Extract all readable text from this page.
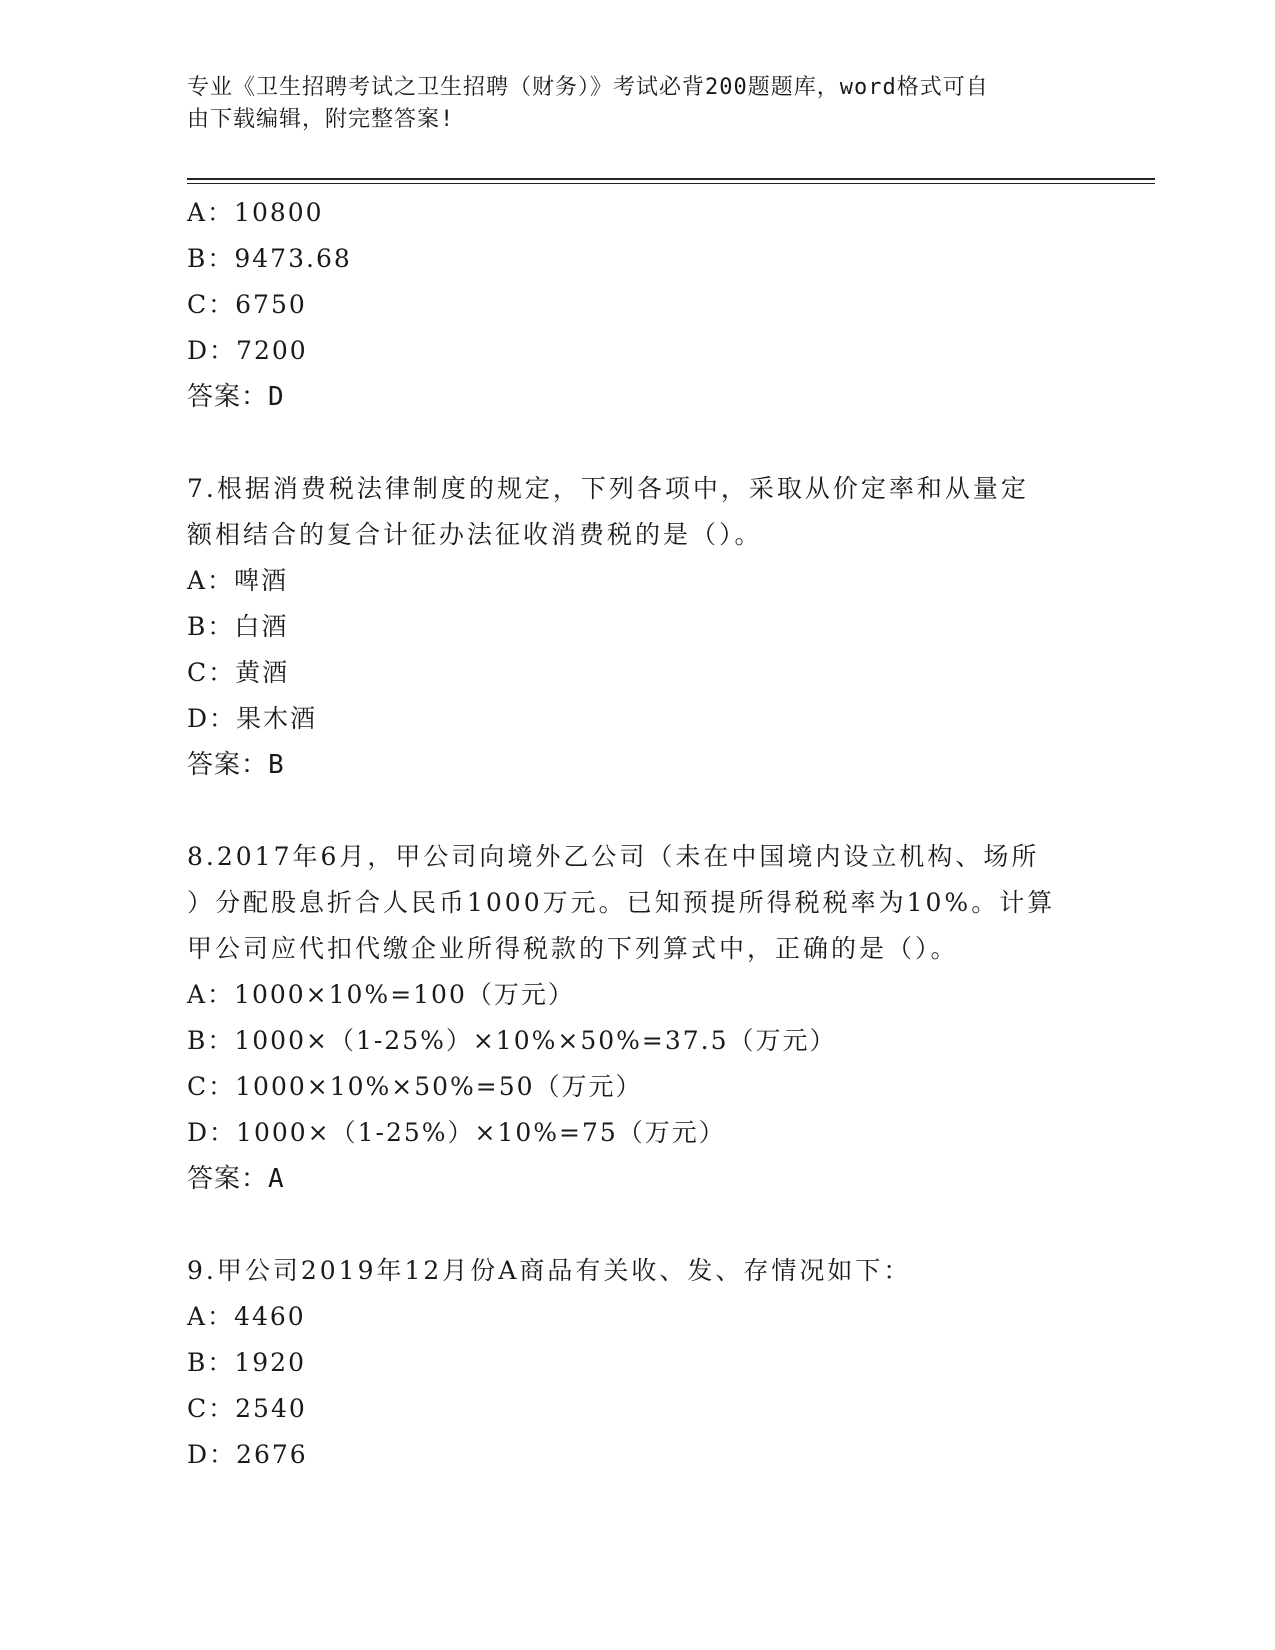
专业《卫生招聘考试之卫生招聘（财务）》考试必背200题题库，word格式可自
由下载编辑，附完整答案!
A：10800
B：9473.68
C：6750
D：7200
答案：D
7.根据消费税法律制度的规定，下列各项中，采取从价定率和从量定
额相结合的复合计征办法征收消费税的是（）。
A：啤酒
B：白酒
C：黄酒
D：果木酒
答案：B
8.2017年6月，甲公司向境外乙公司（未在中国境内设立机构、场所
）分配股息折合人民币1000万元。已知预提所得税税率为10%。计算
甲公司应代扣代缴企业所得税款的下列算式中，正确的是（）。
A：1000×10%=100（万元）
B：1000×（1-25%）×10%×50%=37.5（万元）
C：1000×10%×50%=50（万元）
D：1000×（1-25%）×10%=75（万元）
答案：A
9.甲公司2019年12月份A商品有关收、发、存情况如下：
A：4460
B：1920
C：2540
D：2676
